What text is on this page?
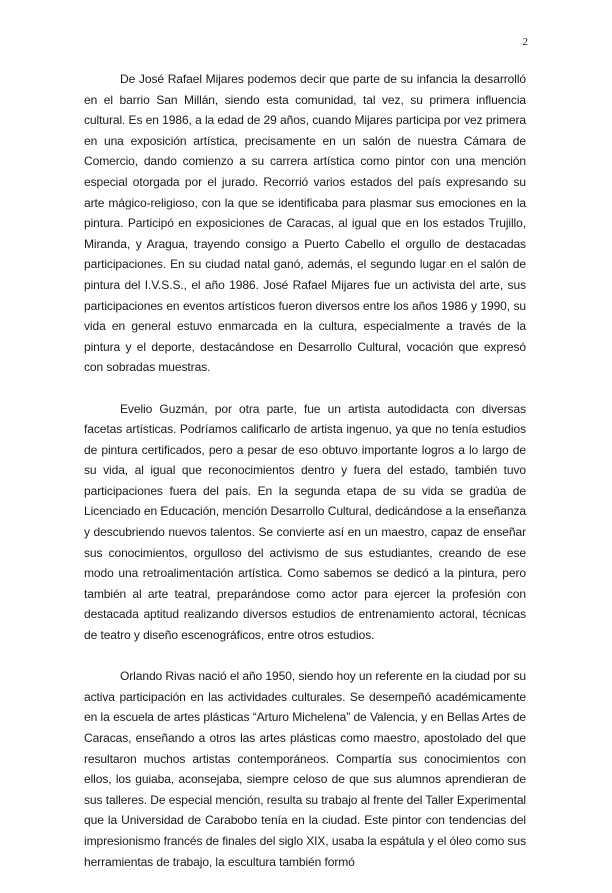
2

De José Rafael Mijares podemos decir que parte de su infancia la desarrolló en el barrio San Millán, siendo esta comunidad, tal vez, su primera influencia cultural. Es en 1986, a la edad de 29 años, cuando Mijares participa por vez primera en una exposición artística, precisamente en un salón de nuestra Cámara de Comercio, dando comienzo a su carrera artística como pintor con una mención especial otorgada por el jurado. Recorrió varios estados del país expresando su arte mágico-religioso, con la que se identificaba para plasmar sus emociones en la pintura. Participó en exposiciones de Caracas, al igual que en los estados Trujillo, Miranda, y Aragua, trayendo consigo a Puerto Cabello el orgullo de destacadas participaciones. En su ciudad natal ganó, además, el segundo lugar en el salón de pintura del I.V.S.S., el año 1986. José Rafael Mijares fue un activista del arte, sus participaciones en eventos artísticos fueron diversos entre los años 1986 y 1990, su vida en general estuvo enmarcada en la cultura, especialmente a través de la pintura y el deporte, destacándose en Desarrollo Cultural, vocación que expresó con sobradas muestras.

Evelio Guzmán, por otra parte, fue un artista autodidacta con diversas facetas artísticas. Podríamos calificarlo de artista ingenuo, ya que no tenía estudios de pintura certificados, pero a pesar de eso obtuvo importante logros a lo largo de su vida, al igual que reconocimientos dentro y fuera del estado, también tuvo participaciones fuera del país. En la segunda etapa de su vida se gradúa de Licenciado en Educación, mención Desarrollo Cultural, dedicándose a la enseñanza y descubriendo nuevos talentos. Se convierte así en un maestro, capaz de enseñar sus conocimientos, orgulloso del activismo de sus estudiantes, creando de ese modo una retroalimentación artística. Como sabemos se dedicó a la pintura, pero también al arte teatral, preparándose como actor para ejercer la profesión con destacada aptitud realizando diversos estudios de entrenamiento actoral, técnicas de teatro y diseño escenográficos, entre otros estudios.

Orlando Rivas nació el año 1950, siendo hoy un referente en la ciudad por su activa participación en las actividades culturales. Se desempeñó académicamente en la escuela de artes plásticas “Arturo Michelena” de Valencia, y en Bellas Artes de Caracas, enseñando a otros las artes plásticas como maestro, apostolado del que resultaron muchos artistas contemporáneos. Compartía sus conocimientos con ellos, los guiaba, aconsejaba, siempre celoso de que sus alumnos aprendieran de sus talleres. De especial mención, resulta su trabajo al frente del Taller Experimental que la Universidad de Carabobo tenía en la ciudad. Este pintor con tendencias del impresionismo francés de finales del siglo XIX, usaba la espátula y el óleo como sus herramientas de trabajo, la escultura también formó
